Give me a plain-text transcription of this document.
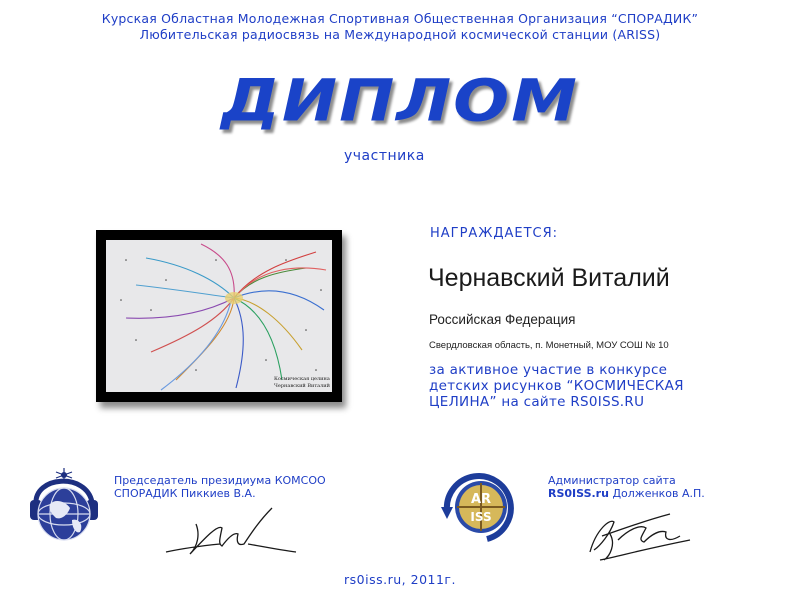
Курская Областная Молодежная Спортивная Общественная Организация “СПОРАДИК”
Любительская радиосвязь на Международной космической станции (ARISS)
ДИПЛОМ
участника
Космическая целина
Чернавский Виталий
НАГРАЖДАЕТСЯ:
Чернавский Виталий
Российская Федерация
Свердловская область, п. Монетный, МОУ СОШ № 10
за активное участие в конкурсе
детских рисунков “КОСМИЧЕСКАЯ
ЦЕЛИНА” на сайте RS0ISS.RU
Председатель президиума КОМСОО
СПОРАДИК Пиккиев В.А.	AR
ISS
Администратор сайта
RS0ISS.ru Долженков А.П.
rs0iss.ru, 2011г.
